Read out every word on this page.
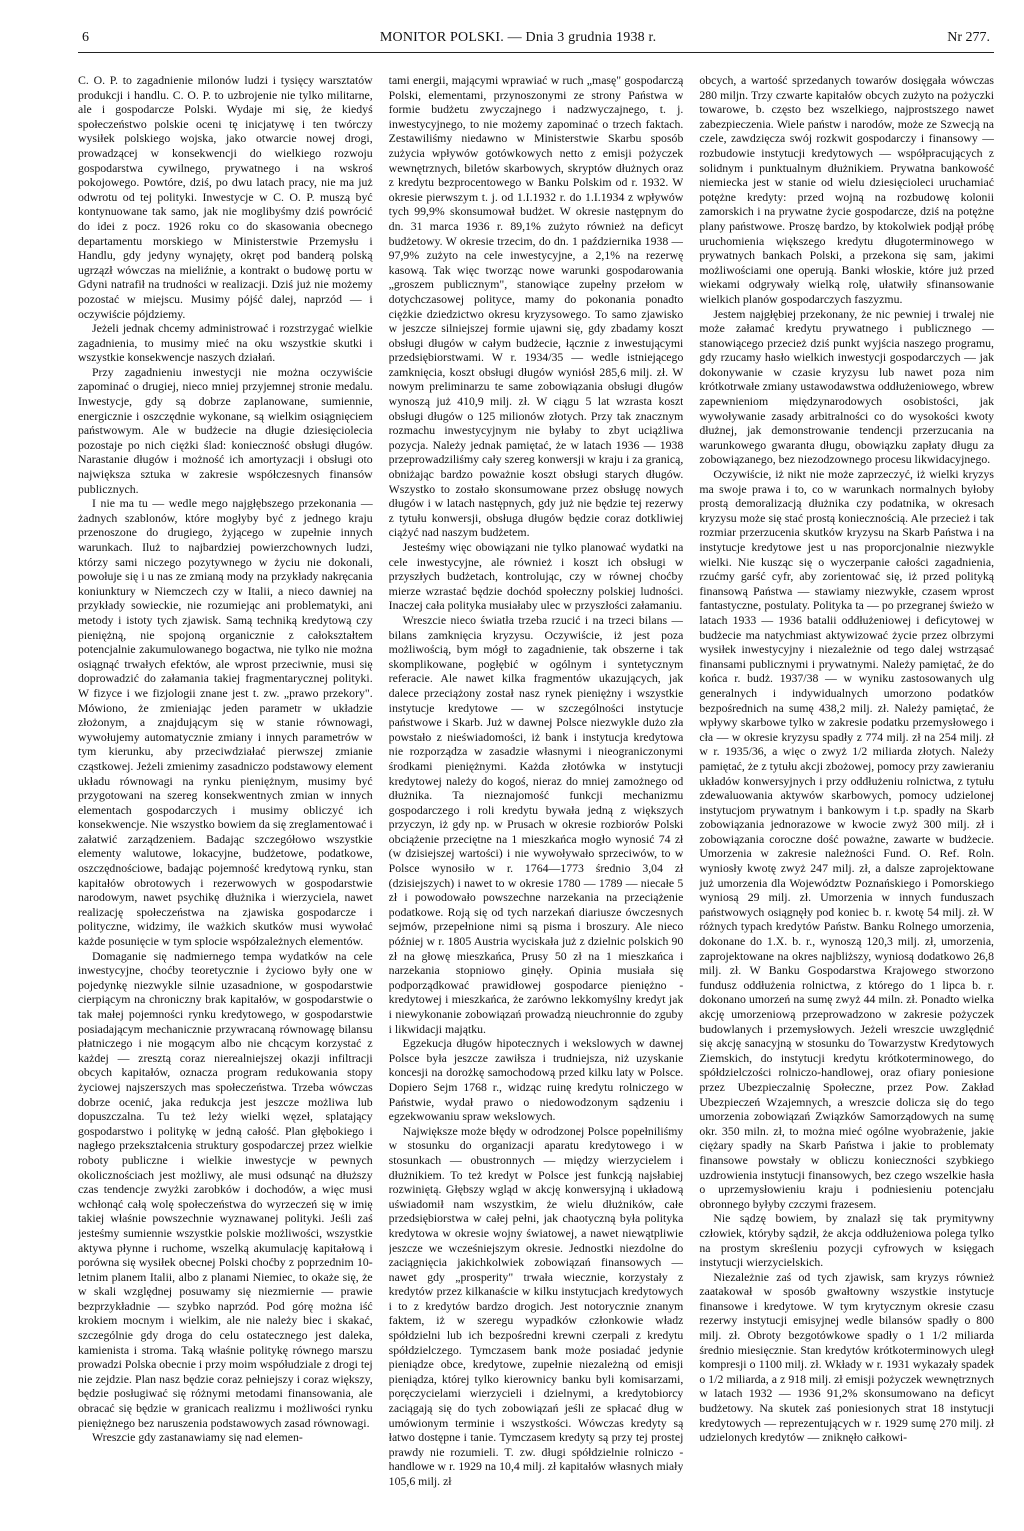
6	MONITOR POLSKI. — Dnia 3 grudnia 1938 r.	Nr 277.

C. O. P. to zagadnienie milonów ludzi i tysięcy warsztatów produkcji i handlu. C. O. P. to uzbrojenie nie tylko militarne, ale i gospodarcze Polski. Wydaje mi się, że kiedyś społeczeństwo polskie oceni tę inicjatywę i ten twórczy wysiłek polskiego wojska, jako otwarcie nowej drogi, prowadzącej w konsekwencji do wielkiego rozwoju gospodarstwa cywilnego, prywatnego i na wskroś pokojowego. Powtóre, dziś, po dwu latach pracy, nie ma już odwrotu od tej polityki. Inwestycje w C. O. P. muszą być kontynuowane tak samo, jak nie moglibyśmy dziś powrócić do idei z pocz. 1926 roku co do skasowania obecnego departamentu morskiego w Ministerstwie Przemysłu i Handlu, gdy jedyny wynajęty, okręt pod banderą polską ugrzązł wówczas na mieliźnie, a kontrakt o budowę portu w Gdyni natrafił na trudności w realizacji. Dziś już nie możemy pozostać w miejscu. Musimy pójść dalej, naprzód — i oczywiście pójdziemy.

Jeżeli jednak chcemy administrować i rozstrzygać wielkie zagadnienia, to musimy mieć na oku wszystkie skutki i wszystkie konsekwencje naszych działań.

Przy zagadnieniu inwestycji nie można oczywiście zapominać o drugiej, nieco mniej przyjemnej stronie medalu. Inwestycje, gdy są dobrze zaplanowane, sumiennie, energicznie i oszczędnie wykonane, są wielkim osiągnięciem państwowym. Ale w budżecie na długie dziesięciolecia pozostaje po nich ciężki ślad: konieczność obsługi długów. Narastanie długów i możność ich amortyzacji i obsługi oto największa sztuka w zakresie współczesnych finansów publicznych.

I nie ma tu — wedle mego najgłębszego przekonania — żadnych szablonów, które mogłyby być z jednego kraju przenoszone do drugiego, żyjącego w zupełnie innych warunkach. Iluż to najbardziej powierzchownych ludzi, którzy sami niczego pozytywnego w życiu nie dokonali, powołuje się i u nas ze zmianą mody na przykłady nakręcania koniunktury w Niemczech czy w Italii, a nieco dawniej na przykłady sowieckie, nie rozumiejąc ani problematyki, ani metody i istoty tych zjawisk. Samą techniką kredytową czy pieniężną, nie spojoną organicznie z całokształtem potencjalnie zakumulowanego bogactwa, nie tylko nie można osiągnąć trwałych efektów, ale wprost przeciwnie, musi się doprowadzić do załamania takiej fragmentarycznej polityki. W fizyce i we fizjologii znane jest t. zw. „prawo przekory". Mówiono, że zmieniając jeden parametr w układzie złożonym, a znajdującym się w stanie równowagi, wywołujemy automatycznie zmiany i innych parametrów w tym kierunku, aby przeciwdziałać pierwszej zmianie cząstkowej. Jeżeli zmienimy zasadniczo podstawowy element układu równowagi na rynku pieniężnym, musimy być przygotowani na szereg konsekwentnych zmian w innych elementach gospodarczych i musimy obliczyć ich konsekwencje. Nie wszystko bowiem da się zreglamentować i załatwić zarządzeniem. Badając szczegółowo wszystkie elementy walutowe, lokacyjne, budżetowe, podatkowe, oszczędnościowe, badając pojemność kredytową rynku, stan kapitałów obrotowych i rezerwowych w gospodarstwie narodowym, nawet psychikę dłużnika i wierzyciela, nawet realizację społeczeństwa na zjawiska gospodarcze i polityczne, widzimy, ile ważkich skutków musi wywołać każde posunięcie w tym splocie współzależnych elementów.

Domaganie się nadmiernego tempa wydatków na cele inwestycyjne, choćby teoretycznie i życiowo były one w pojedynkę niezwykle silnie uzasadnione, w gospodarstwie cierpiącym na chroniczny brak kapitałów, w gospodarstwie o tak małej pojemności rynku kredytowego, w gospodarstwie posiadającym mechanicznie przywracaną równowagę bilansu płatniczego i nie mogącym albo nie chcącym korzystać z każdej — zresztą coraz nierealniejszej okazji infiltracji obcych kapitałów, oznacza program redukowania stopy życiowej najszerszych mas społeczeństwa. Trzeba wówczas dobrze ocenić, jaka redukcja jest jeszcze możliwa lub dopuszczalna. Tu też leży wielki węzeł, splatający gospodarstwo i politykę w jedną całość. Plan głębokiego i nagłego przekształcenia struktury gospodarczej przez wielkie roboty publiczne i wielkie inwestycje w pewnych okolicznościach jest możliwy, ale musi odsunąć na dłuższy czas tendencje zwyżki zarobków i dochodów, a więc musi wchłonąć całą wolę społeczeństwa do wyrzeczeń się w imię takiej właśnie powszechnie wyznawanej polityki. Jeśli zaś jesteśmy sumiennie wszystkie polskie możliwości, wszystkie aktywa płynne i ruchome, wszelką akumulację kapitałową i porówna się wysiłek obecnej Polski choćby z poprzednim 10-letnim planem Italii, albo z planami Niemiec, to okaże się, że w skali względnej posuwamy się niezmiernie — prawie bezprzykładnie — szybko naprzód. Pod górę można iść krokiem mocnym i wielkim, ale nie należy biec i skakać, szczególnie gdy droga do celu ostatecznego jest daleka, kamienista i stroma. Taką właśnie politykę równego marszu prowadzi Polska obecnie i przy moim współudziale z drogi tej nie zejdzie. Plan nasz będzie coraz pełniejszy i coraz większy, będzie posługiwać się różnymi metodami finansowania, ale obracać się będzie w granicach realizmu i możliwości rynku pieniężnego bez naruszenia podstawowych zasad równowagi.

Wreszcie gdy zastanawiamy się nad elemen-

tami energii, mającymi wprawiać w ruch „masę" gospodarczą Polski, elementami, przynoszonymi ze strony Państwa w formie budżetu zwyczajnego i nadzwyczajnego, t. j. inwestycyjnego, to nie możemy zapominać o trzech faktach. Zestawiliśmy niedawno w Ministerstwie Skarbu sposób zużycia wpływów gotówkowych netto z emisji pożyczek wewnętrznych, biletów skarbowych, skryptów dłużnych oraz z kredytu bezprocentowego w Banku Polskim od r. 1932. W okresie pierwszym t. j. od 1.I.1932 r. do 1.I.1934 z wpływów tych 99,9% skonsumował budżet. W okresie następnym do dn. 31 marca 1936 r. 89,1% zużyto również na deficyt budżetowy. W okresie trzecim, do dn. 1 października 1938 — 97,9% zużyto na cele inwestycyjne, a 2,1% na rezerwę kasową. Tak więc tworząc nowe warunki gospodarowania „groszem publicznym", stanowiące zupełny przełom w dotychczasowej polityce, mamy do pokonania ponadto ciężkie dziedzictwo okresu kryzysowego. To samo zjawisko w jeszcze silniejszej formie ujawni się, gdy zbadamy koszt obsługi długów w całym budżecie, łącznie z inwestującymi przedsiębiorstwami. W r. 1934/35 — wedle istniejącego zamknięcia, koszt obsługi długów wyniósł 285,6 milj. zł. W nowym preliminarzu te same zobowiązania obsługi długów wynoszą już 410,9 milj. zł. W ciągu 5 lat wzrasta koszt obsługi długów o 125 milionów złotych. Przy tak znacznym rozmachu inwestycyjnym nie byłaby to zbyt uciążliwa pozycja. Należy jednak pamiętać, że w latach 1936 — 1938 przeprowadziliśmy cały szereg konwersji w kraju i za granicą, obniżając bardzo poważnie koszt obsługi starych długów. Wszystko to zostało skonsumowane przez obsługę nowych długów i w latach następnych, gdy już nie będzie tej rezerwy z tytułu konwersji, obsługa długów będzie coraz dotkliwiej ciążyć nad naszym budżetem.

Jesteśmy więc obowiązani nie tylko planować wydatki na cele inwestycyjne, ale również i koszt ich obsługi w przyszłych budżetach, kontrolując, czy w równej choćby mierze wzrastać będzie dochód społeczny polskiej ludności. Inaczej cała polityka musiałaby ulec w przyszłości załamaniu.

Wreszcie nieco światła trzeba rzucić i na trzeci bilans — bilans zamknięcia kryzysu. Oczywiście, iż jest poza możliwością, bym mógł to zagadnienie, tak obszerne i tak skomplikowane, pogłębić w ogólnym i syntetycznym referacie. Ale nawet kilka fragmentów ukazujących, jak dalece przeciążony został nasz rynek pieniężny i wszystkie instytucje kredytowe — w szczególności instytucje państwowe i Skarb. Już w dawnej Polsce niezwykle dużo zła powstało z nieświadomości, iż bank i instytucja kredytowa nie rozporządza w zasadzie własnymi i nieograniczonymi środkami pieniężnymi. Każda złotówka w instytucji kredytowej należy do kogoś, nieraz do mniej zamożnego od dłużnika. Ta nieznajomość funkcji mechanizmu gospodarczego i roli kredytu bywała jedną z większych przyczyn, iż gdy np. w Prusach w okresie rozbiorów Polski obciążenie przeciętne na 1 mieszkańca mogło wynosić 74 zł (w dzisiejszej wartości) i nie wywoływało sprzeciwów, to w Polsce wynosiło w r. 1764—1773 średnio 3,04 zł (dzisiejszych) i nawet to w okresie 1780 — 1789 — niecałe 5 zł i powodowało powszechne narzekania na przeciążenie podatkowe. Roją się od tych narzekań diariusze ówczesnych sejmów, przepełnione nimi są pisma i broszury. Ale nieco później w r. 1805 Austria wyciskała już z dzielnic polskich 90 zł na głowę mieszkańca, Prusy 50 zł na 1 mieszkańca i narzekania stopniowo ginęły. Opinia musiała się podporządkować prawidłowej gospodarce pieniężno - kredytowej i mieszkańca, że zarówno lekkomyślny kredyt jak i niewykonanie zobowiązań prowadzą nieuchronnie do zguby i likwidacji majątku.

Egzekucja długów hipotecznych i wekslowych w dawnej Polsce była jeszcze zawiłsza i trudniejsza, niż uzyskanie koncesji na dorożkę samochodową przed kilku laty w Polsce. Dopiero Sejm 1768 r., widząc ruinę kredytu rolniczego w Państwie, wydał prawo o niedowodzonym sądzeniu i egzekwowaniu spraw wekslowych.

Największe może błędy w odrodzonej Polsce popełniliśmy w stosunku do organizacji aparatu kredytowego i w stosunkach — obustronnych — między wierzycielem i dłużnikiem. To też kredyt w Polsce jest funkcją najsłabiej rozwiniętą. Głębszy wgląd w akcję konwersyjną i układową uświadomił nam wszystkim, że wielu dłużników, całe przedsiębiorstwa w całej pełni, jak chaotyczną była polityka kredytowa w okresie wojny światowej, a nawet niewątpliwie jeszcze we wcześniejszym okresie. Jednostki niezdolne do zaciągnięcia jakichkolwiek zobowiązań finansowych — nawet gdy „prosperity" trwała wiecznie, korzystały z kredytów przez kilkanaście w kilku instytucjach kredytowych i to z kredytów bardzo drogich. Jest notorycznie znanym faktem, iż w szeregu wypadków członkowie władz spółdzielni lub ich bezpośredni krewni czerpali z kredytu spółdzielczego. Tymczasem bank może posiadać jedynie pieniądze obce, kredytowe, zupełnie niezależną od emisji pieniądza, której tylko kierownicy banku byli komisarzami, poręczycielami wierzycieli i dzielnymi, a kredytobiorcy zaciągają się do tych zobowiązań jeśli ze spłacać dług w umówionym terminie i wszystkości. Wówczas kredyty są łatwo dostępne i tanie. Tymczasem kredyty są przy tej prostej prawdy nie rozumieli. T. zw. długi spółdzielnie rolniczo - handlowe w r. 1929 na 10,4 milj. zł kapitałów własnych miały 105,6 milj. zł

obcych, a wartość sprzedanych towarów dosięgała wówczas 280 miljn. Trzy czwarte kapitałów obcych zużyto na pożyczki towarowe, b. często bez wszelkiego, najprostszego nawet zabezpieczenia. Wiele państw i narodów, może ze Szwecją na czele, zawdzięcza swój rozkwit gospodarczy i finansowy — rozbudowie instytucji kredytowych — współpracujących z solidnym i punktualnym dłużnikiem. Prywatna bankowość niemiecka jest w stanie od wielu dziesięcioleci uruchamiać potężne kredyty: przed wojną na rozbudowę kolonii zamorskich i na prywatne życie gospodarcze, dziś na potężne plany państwowe. Proszę bardzo, by ktokolwiek podjął próbę uruchomienia większego kredytu długoterminowego w prywatnych bankach Polski, a przekona się sam, jakimi możliwościami one operują. Banki włoskie, które już przed wiekami odgrywały wielką rolę, ułatwiły sfinansowanie wielkich planów gospodarczych faszyzmu.

Jestem najgłębiej przekonany, że nic pewniej i trwalej nie może załamać kredytu prywatnego i publicznego — stanowiącego przecież dziś punkt wyjścia naszego programu, gdy rzucamy hasło wielkich inwestycji gospodarczych — jak dokonywanie w czasie kryzysu lub nawet poza nim krótkotrwałe zmiany ustawodawstwa oddłużeniowego, wbrew zapewnieniom międzynarodowych osobistości, jak wywoływanie zasady arbitralności co do wysokości kwoty dłużnej, jak demonstrowanie tendencji przerzucania na warunkowego gwaranta długu, obowiązku zapłaty długu za zobowiązanego, bez niezodzownego procesu likwidacyjnego.

Oczywiście, iż nikt nie może zaprzeczyć, iż wielki kryzys ma swoje prawa i to, co w warunkach normalnych byłoby prostą demoralizacją dłużnika czy podatnika, w okresach kryzysu może się stać prostą koniecznością. Ale przecież i tak rozmiar przerzucenia skutków kryzysu na Skarb Państwa i na instytucje kredytowe jest u nas proporcjonalnie niezwykle wielki. Nie kusząc się o wyczerpanie całości zagadnienia, rzućmy garść cyfr, aby zorientować się, iż przed polityką finansową Państwa — stawiamy niezwykłe, czasem wprost fantastyczne, postulaty. Polityka ta — po przegranej świeżo w latach 1933 — 1936 batalii oddłużeniowej i deficytowej w budżecie ma natychmiast aktywizować życie przez olbrzymi wysiłek inwestycyjny i niezależnie od tego dalej wstrząsać finansami publicznymi i prywatnymi. Należy pamiętać, że do końca r. budż. 1937/38 — w wyniku zastosowanych ulg generalnych i indywidualnych umorzono podatków bezpośrednich na sumę 438,2 milj. zł. Należy pamiętać, że wpływy skarbowe tylko w zakresie podatku przemysłowego i cła — w okresie kryzysu spadły z 774 milj. zł na 254 milj. zł w r. 1935/36, a więc o zwyż 1/2 miliarda złotych. Należy pamiętać, że z tytułu akcji zbożowej, pomocy przy zawieraniu układów konwersyjnych i przy oddłużeniu rolnictwa, z tytułu zdewaluowania aktywów skarbowych, pomocy udzielonej instytucjom prywatnym i bankowym i t.p. spadły na Skarb zobowiązania jednorazowe w kwocie zwyż 300 milj. zł i zobowiązania coroczne dość poważne, zawarte w budżecie. Umorzenia w zakresie należności Fund. O. Ref. Roln. wyniosły kwotę zwyż 247 milj. zł, a dalsze zaprojektowane już umorzenia dla Województw Poznańskiego i Pomorskiego wyniosą 29 milj. zł. Umorzenia w innych funduszach państwowych osiągnęły pod koniec b. r. kwotę 54 milj. zł. W różnych typach kredytów Państw. Banku Rolnego umorzenia, dokonane do 1.X. b. r., wynoszą 120,3 milj. zł, umorzenia, zaprojektowane na okres najbliższy, wyniosą dodatkowo 26,8 milj. zł. W Banku Gospodarstwa Krajowego stworzono fundusz oddłużenia rolnictwa, z którego do 1 lipca b. r. dokonano umorzeń na sumę zwyż 44 miln. zł. Ponadto wielka akcję umorzeniową przeprowadzono w zakresie pożyczek budowlanych i przemysłowych. Jeżeli wreszcie uwzględnić się akcję sanacyjną w stosunku do Towarzystw Kredytowych Ziemskich, do instytucji kredytu krótkoterminowego, do spółdzielczości rolniczo-handlowej, oraz ofiary poniesione przez Ubezpieczalnię Społeczne, przez Pow. Zakład Ubezpieczeń Wzajemnych, a wreszcie dolicza się do tego umorzenia zobowiązań Związków Samorządowych na sumę okr. 350 miln. zł, to można mieć ogólne wyobrażenie, jakie ciężary spadły na Skarb Państwa i jakie to problematy finansowe powstały w obliczu konieczności szybkiego uzdrowienia instytucji finansowych, bez czego wszelkie hasła o uprzemysłowieniu kraju i podniesieniu potencjału obronnego byłyby czczymi frazesem.

Nie sądzę bowiem, by znalazł się tak prymitywny człowiek, któryby sądził, że akcja oddłużeniowa polega tylko na prostym skreśleniu pozycji cyfrowych w księgach instytucji wierzycielskich.

Niezależnie zaś od tych zjawisk, sam kryzys również zaatakował w sposób gwałtowny wszystkie instytucje finansowe i kredytowe. W tym krytycznym okresie czasu rezerwy instytucji emisyjnej wedle bilansów spadły o 800 milj. zł. Obroty bezgotówkowe spadły o 1 1/2 miliarda średnio miesięcznie. Stan kredytów krótkoterminowych uległ kompresji o 1100 milj. zł. Wkłady w r. 1931 wykazały spadek o 1/2 miliarda, a z 918 milj. zł emisji pożyczek wewnętrznych w latach 1932 — 1936 91,2% skonsumowano na deficyt budżetowy. Na skutek zaś poniesionych strat 18 instytucji kredytowych — reprezentujących w r. 1929 sumę 270 milj. zł udzielonych kredytów — zniknęło całkowi-
